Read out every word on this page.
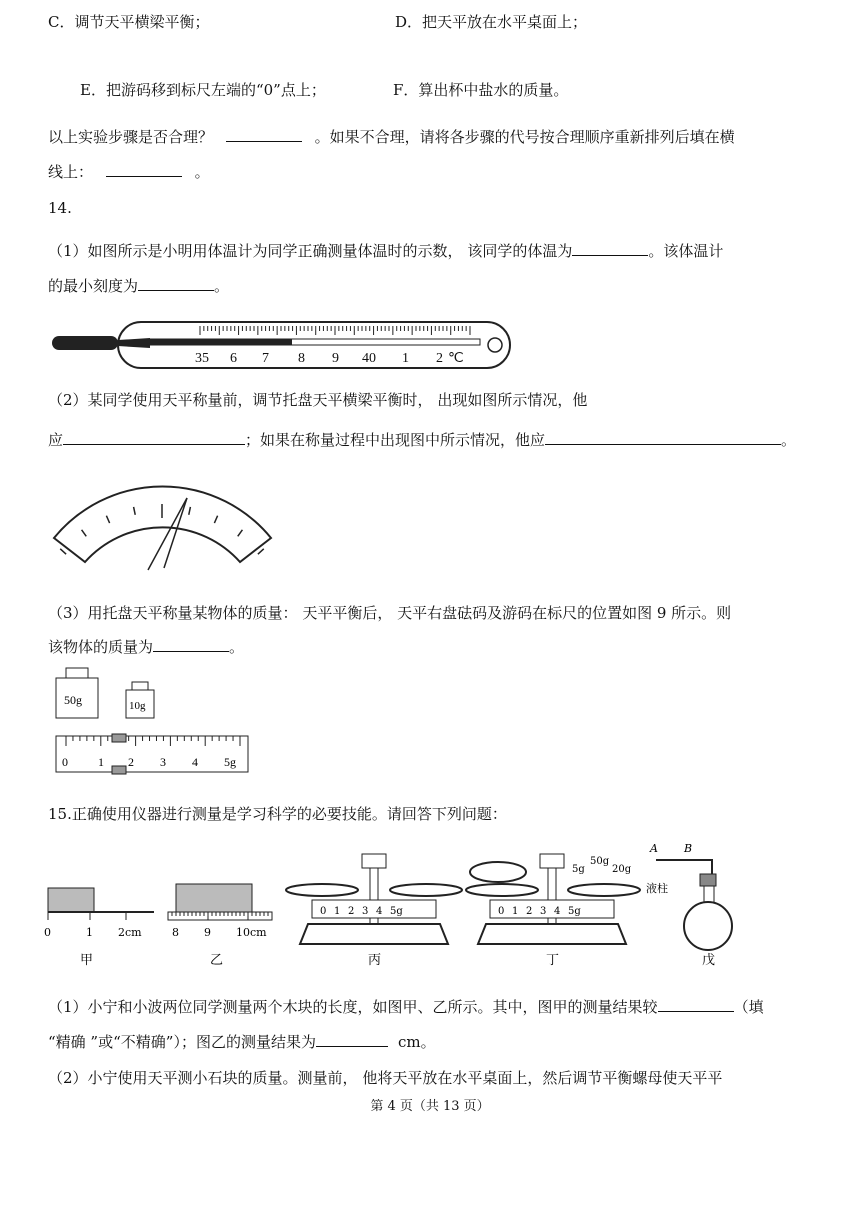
C．调节天平横梁平衡；	D．把天平放在水平桌面上；
E．把游码移到标尺左端的“0”点上；	F．算出杯中盐水的质量。
以上实验步骤是否合理？	。如果不合理，请将各步骤的代号按合理顺序重新排列后填在横
线上：	。
14.
（1）如图所示是小明用体温计为同学正确测量体温时的示数， 该同学的体温为	。该体温计
的最小刻度为	。
35 6 7 8 9 40 1 2 ℃
（2）某同学使用天平称量前，调节托盘天平横梁平衡时， 出现如图所示情况，他
应	；如果在称量过程中出现图中所示情况，他应	。
（3）用托盘天平称量某物体的质量： 天平平衡后， 天平右盘砝码及游码在标尺的位置如图 9 所示。则
该物体的质量为	。
50g	10g
0	1 2 3 4 5g
15.正确使用仪器进行测量是学习科学的必要技能。请回答下列问题：
0	1 2cm	8 9 10cm
0 1 2 3 4 5g
5g
50g
20g
0 1 2 3 4 5g
A B
液柱
甲	乙	丙	丁	戊
（1）小宁和小波两位同学测量两个木块的长度，如图甲、乙所示。其中，图甲的测量结果较	（填
“精确 ”或“不精确”）；图乙的测量结果为	cm。
（2）小宁使用天平测小石块的质量。测量前， 他将天平放在水平桌面上，然后调节平衡螺母使天平平
第 4 页（共 13 页）
